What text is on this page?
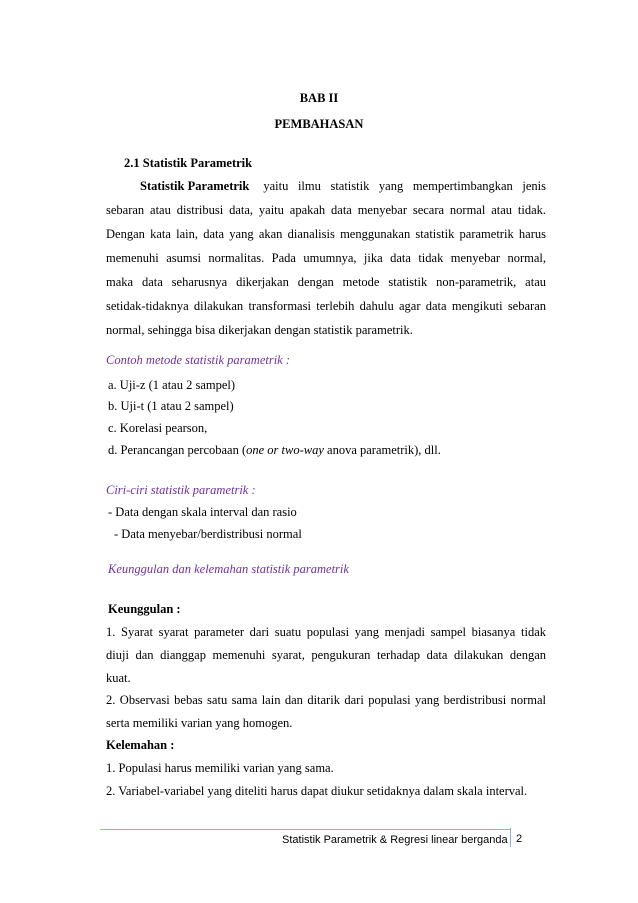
BAB II
PEMBAHASAN
2.1 Statistik Parametrik
Statistik Parametrik yaitu ilmu statistik yang mempertimbangkan jenis
sebaran atau distribusi data, yaitu apakah data menyebar secara normal atau tidak.
Dengan kata lain, data yang akan dianalisis menggunakan statistik parametrik harus
memenuhi asumsi normalitas. Pada umumnya, jika data tidak menyebar normal,
maka data seharusnya dikerjakan dengan metode statistik non-parametrik, atau
setidak-tidaknya dilakukan transformasi terlebih dahulu agar data mengikuti sebaran
normal, sehingga bisa dikerjakan dengan statistik parametrik.
Contoh metode statistik parametrik :
a. Uji-z (1 atau 2 sampel)
b. Uji-t (1 atau 2 sampel)
c. Korelasi pearson,
d. Perancangan percobaan (one or two-way anova parametrik), dll.
Ciri-ciri statistik parametrik :
- Data dengan skala interval dan rasio
- Data menyebar/berdistribusi normal
Keunggulan dan kelemahan statistik parametrik
Keunggulan :
1. Syarat syarat parameter dari suatu populasi yang menjadi sampel biasanya tidak
diuji dan dianggap memenuhi syarat, pengukuran terhadap data dilakukan dengan
kuat.
2. Observasi bebas satu sama lain dan ditarik dari populasi yang berdistribusi normal
serta memiliki varian yang homogen.
Kelemahan :
1. Populasi harus memiliki varian yang sama.
2. Variabel-variabel yang diteliti harus dapat diukur setidaknya dalam skala interval.
Statistik Parametrik & Regresi linear berganda 2
